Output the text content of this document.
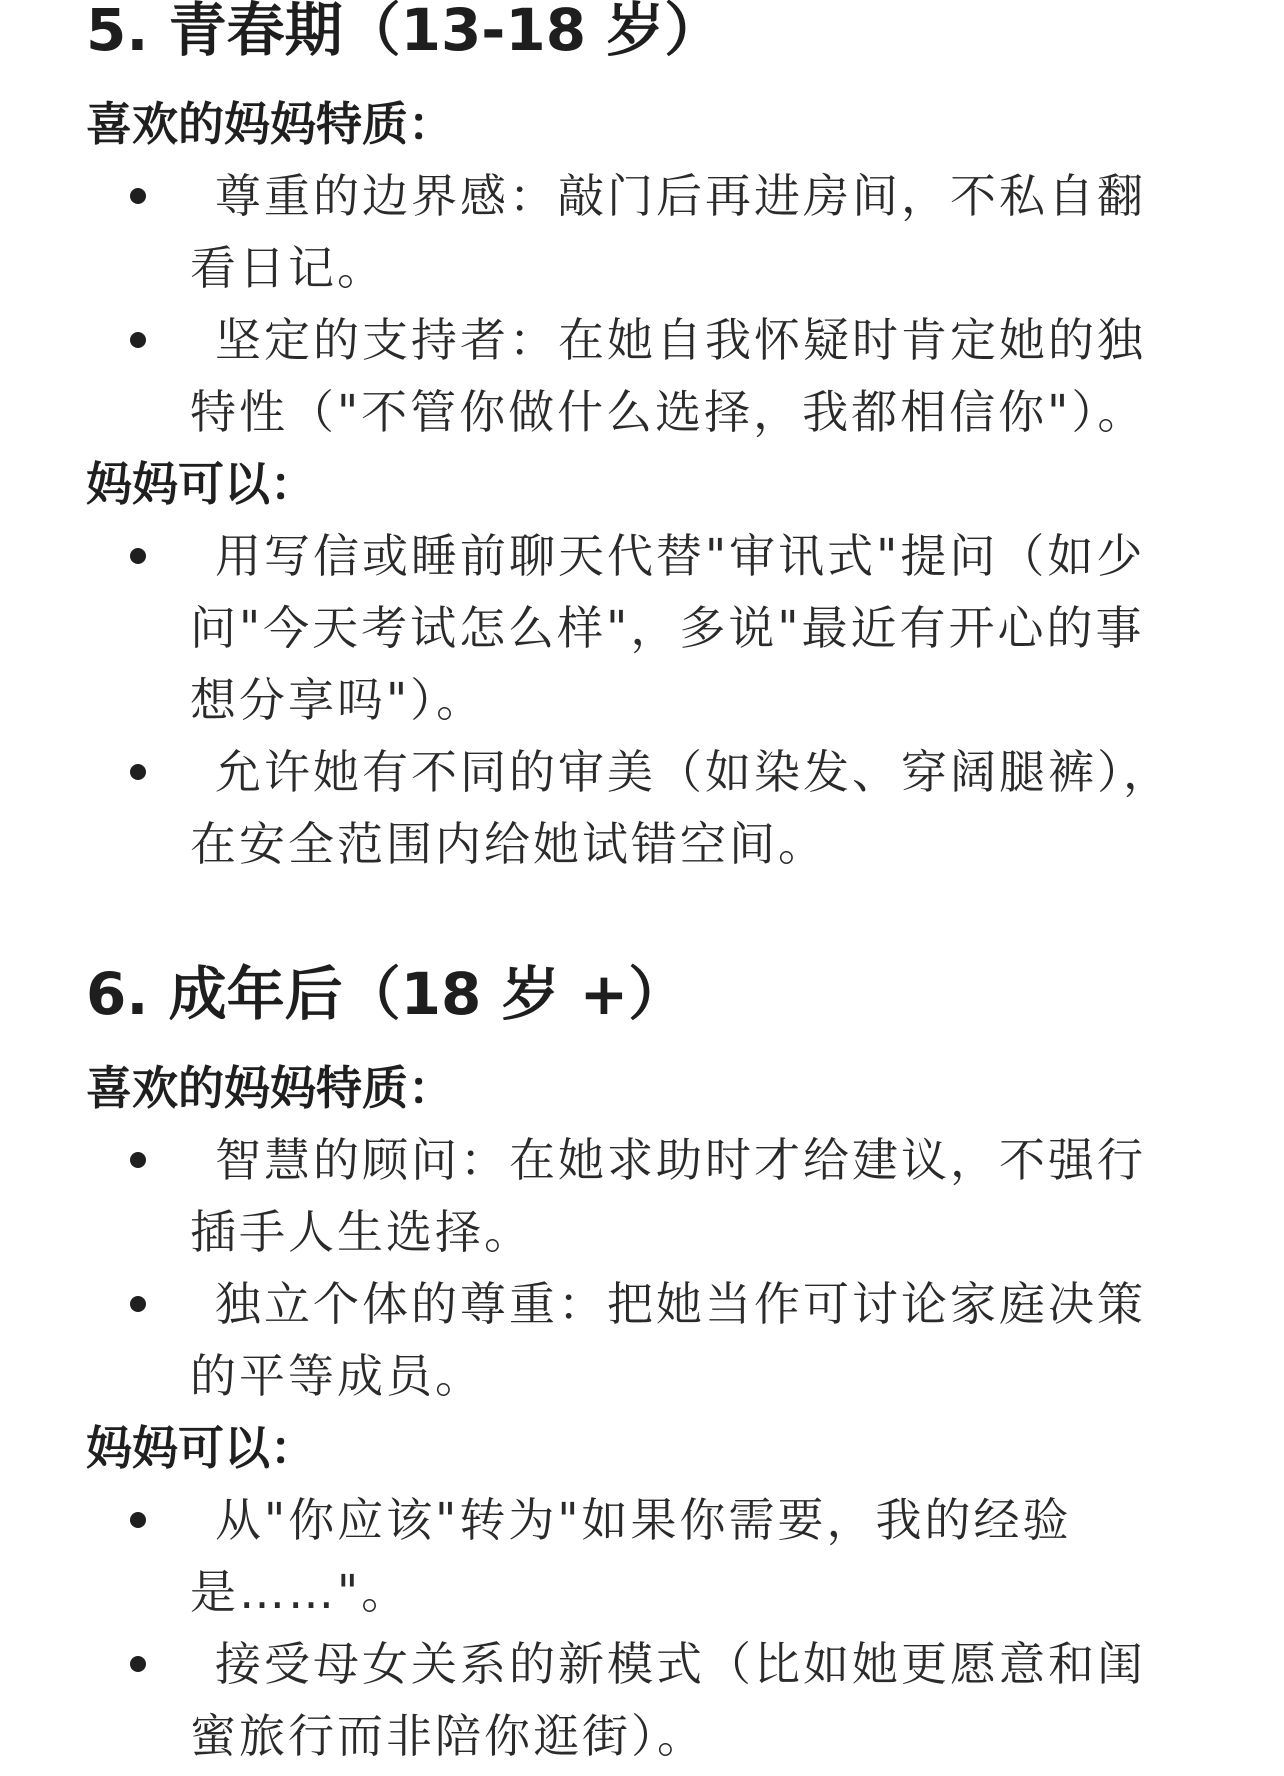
5. 青春期（13-18 岁）
喜欢的妈妈特质：
尊重的边界感：敲门后再进房间，不私自翻
看日记。
坚定的支持者：在她自我怀疑时肯定她的独
特性（"不管你做什么选择，我都相信你"）。
妈妈可以：
用写信或睡前聊天代替"审讯式"提问（如少
问"今天考试怎么样"，多说"最近有开心的事
想分享吗"）。
允许她有不同的审美（如染发、穿阔腿裤），
在安全范围内给她试错空间。
6. 成年后（18 岁 +）
喜欢的妈妈特质：
智慧的顾问：在她求助时才给建议，不强行
插手人生选择。
独立个体的尊重：把她当作可讨论家庭决策
的平等成员。
妈妈可以：
从"你应该"转为"如果你需要，我的经验
是……"。
接受母女关系的新模式（比如她更愿意和闺
蜜旅行而非陪你逛街）。
